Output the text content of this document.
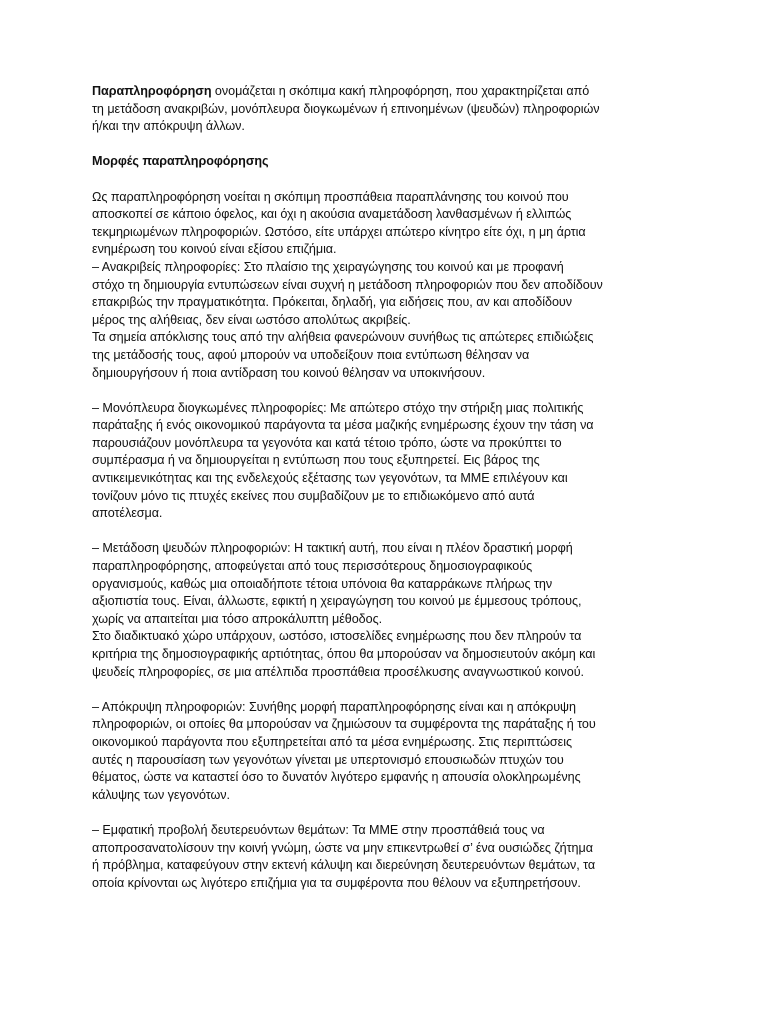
Παραπληροφόρηση ονομάζεται η σκόπιμα κακή πληροφόρηση, που χαρακτηρίζεται από
τη μετάδοση ανακριβών, μονόπλευρα διογκωμένων ή επινοημένων (ψευδών) πληροφοριών
ή/και την απόκρυψη άλλων.

Μορφές παραπληροφόρησης

Ως παραπληροφόρηση νοείται η σκόπιμη προσπάθεια παραπλάνησης του κοινού που
αποσκοπεί σε κάποιο όφελος, και όχι η ακούσια αναμετάδοση λανθασμένων ή ελλιπώς
τεκμηριωμένων πληροφοριών. Ωστόσο, είτε υπάρχει απώτερο κίνητρο είτε όχι, η μη άρτια
ενημέρωση του κοινού είναι εξίσου επιζήμια.
– Ανακριβείς πληροφορίες: Στο πλαίσιο της χειραγώγησης του κοινού και με προφανή
στόχο τη δημιουργία εντυπώσεων είναι συχνή η μετάδοση πληροφοριών που δεν αποδίδουν
επακριβώς την πραγματικότητα. Πρόκειται, δηλαδή, για ειδήσεις που, αν και αποδίδουν
μέρος της αλήθειας, δεν είναι ωστόσο απολύτως ακριβείς.
Τα σημεία απόκλισης τους από την αλήθεια φανερώνουν συνήθως τις απώτερες επιδιώξεις
της μετάδοσής τους, αφού μπορούν να υποδείξουν ποια εντύπωση θέλησαν να
δημιουργήσουν ή ποια αντίδραση του κοινού θέλησαν να υποκινήσουν.

– Μονόπλευρα διογκωμένες πληροφορίες: Με απώτερο στόχο την στήριξη μιας πολιτικής
παράταξης ή ενός οικονομικού παράγοντα τα μέσα μαζικής ενημέρωσης έχουν την τάση να
παρουσιάζουν μονόπλευρα τα γεγονότα και κατά τέτοιο τρόπο, ώστε να προκύπτει το
συμπέρασμα ή να δημιουργείται η εντύπωση που τους εξυπηρετεί. Εις βάρος της
αντικειμενικότητας και της ενδελεχούς εξέτασης των γεγονότων, τα ΜΜΕ επιλέγουν και
τονίζουν μόνο τις πτυχές εκείνες που συμβαδίζουν με το επιδιωκόμενο από αυτά
αποτέλεσμα.

– Μετάδοση ψευδών πληροφοριών: Η τακτική αυτή, που είναι η πλέον δραστική μορφή
παραπληροφόρησης, αποφεύγεται από τους περισσότερους δημοσιογραφικούς
οργανισμούς, καθώς μια οποιαδήποτε τέτοια υπόνοια θα καταρράκωνε πλήρως την
αξιοπιστία τους. Είναι, άλλωστε, εφικτή η χειραγώγηση του κοινού με έμμεσους τρόπους,
χωρίς να απαιτείται μια τόσο απροκάλυπτη μέθοδος.
Στο διαδικτυακό χώρο υπάρχουν, ωστόσο, ιστοσελίδες ενημέρωσης που δεν πληρούν τα
κριτήρια της δημοσιογραφικής αρτιότητας, όπου θα μπορούσαν να δημοσιευτούν ακόμη και
ψευδείς πληροφορίες, σε μια απέλπιδα προσπάθεια προσέλκυσης αναγνωστικού κοινού.

– Απόκρυψη πληροφοριών: Συνήθης μορφή παραπληροφόρησης είναι και η απόκρυψη
πληροφοριών, οι οποίες θα μπορούσαν να ζημιώσουν τα συμφέροντα της παράταξης ή του
οικονομικού παράγοντα που εξυπηρετείται από τα μέσα ενημέρωσης. Στις περιπτώσεις
αυτές η παρουσίαση των γεγονότων γίνεται με υπερτονισμό επουσιωδών πτυχών του
θέματος, ώστε να καταστεί όσο το δυνατόν λιγότερο εμφανής η απουσία ολοκληρωμένης
κάλυψης των γεγονότων.

– Εμφατική προβολή δευτερευόντων θεμάτων: Τα ΜΜΕ στην προσπάθειά τους να
αποπροσανατολίσουν την κοινή γνώμη, ώστε να μην επικεντρωθεί σ’ ένα ουσιώδες ζήτημα
ή πρόβλημα, καταφεύγουν στην εκτενή κάλυψη και διερεύνηση δευτερευόντων θεμάτων, τα
οποία κρίνονται ως λιγότερο επιζήμια για τα συμφέροντα που θέλουν να εξυπηρετήσουν.
